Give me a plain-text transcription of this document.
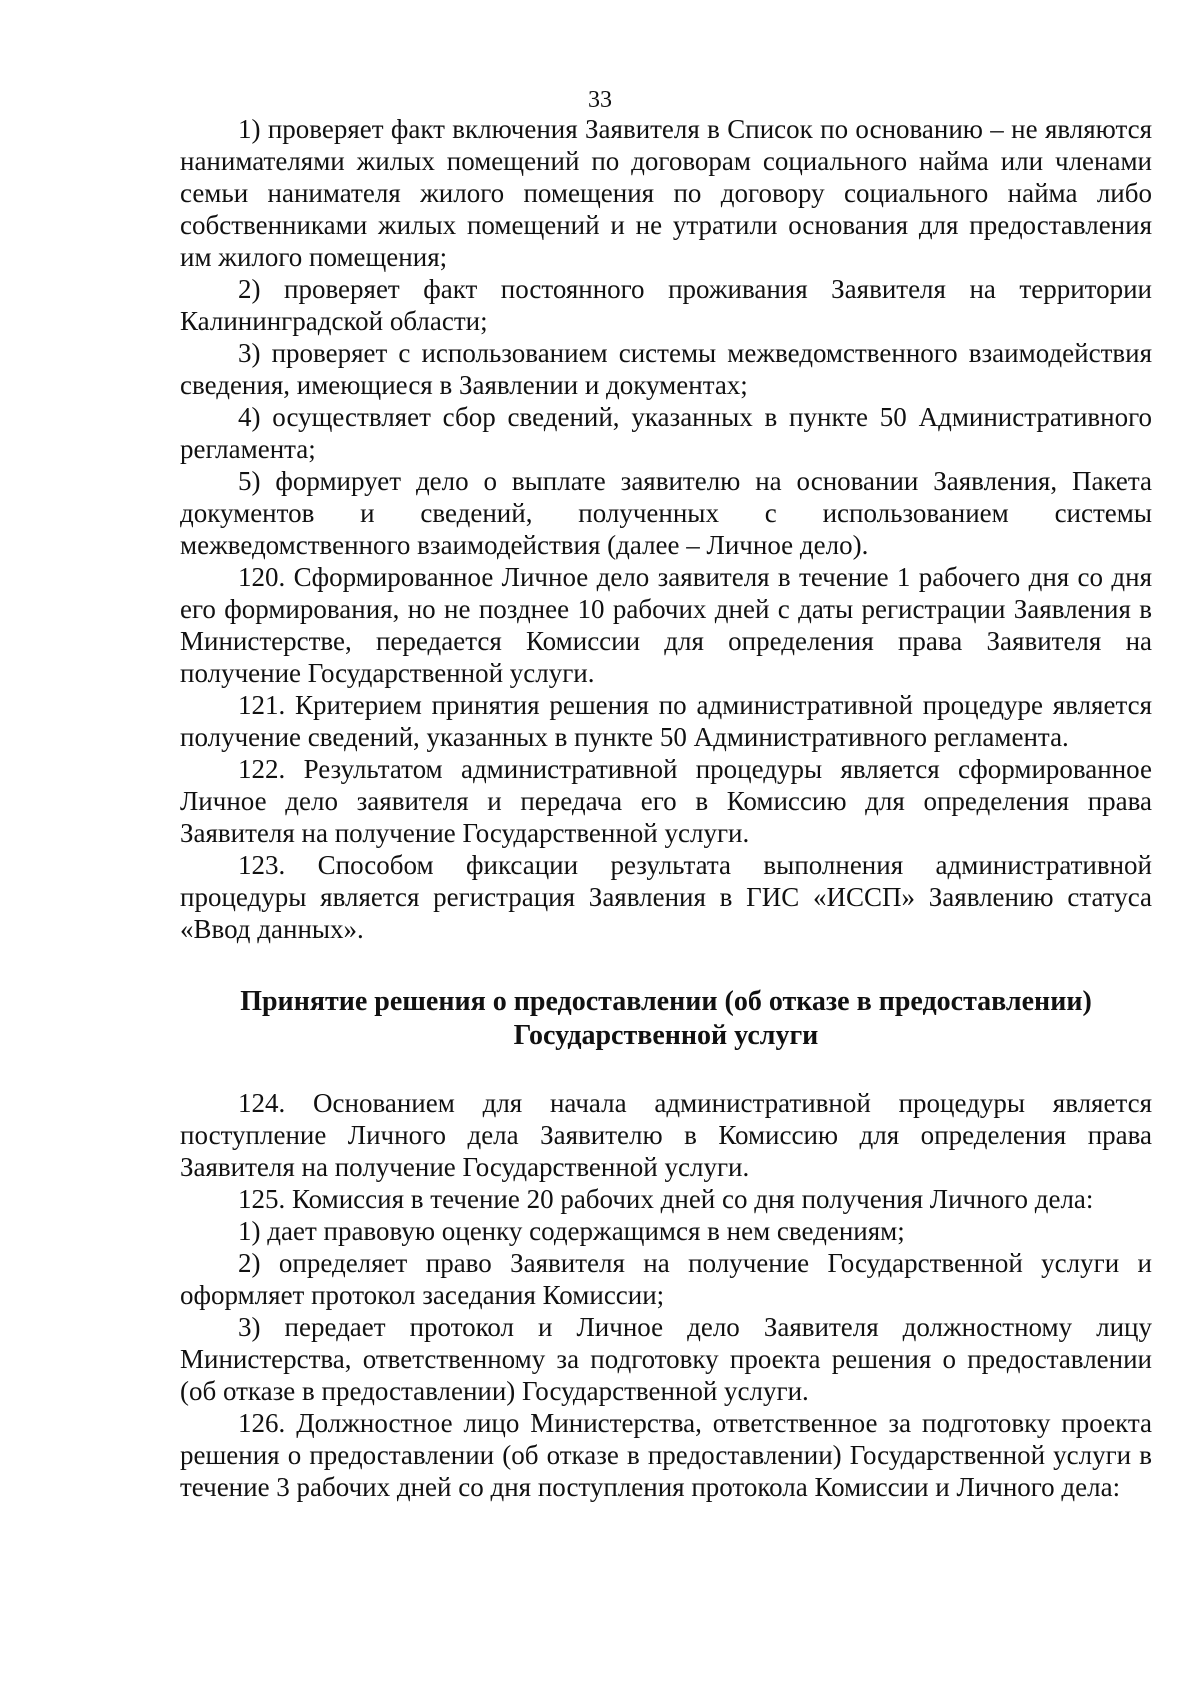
33

1) проверяет факт включения Заявителя в Список по основанию – не являются нанимателями жилых помещений по договорам социального найма или членами семьи нанимателя жилого помещения по договору социального найма либо собственниками жилых помещений и не утратили основания для предоставления им жилого помещения;

2) проверяет факт постоянного проживания Заявителя на территории Калининградской области;

3) проверяет с использованием системы межведомственного взаимодействия сведения, имеющиеся в Заявлении и документах;

4) осуществляет сбор сведений, указанных в пункте 50 Административного регламента;

5) формирует дело о выплате заявителю на основании Заявления, Пакета документов и сведений, полученных с использованием системы межведомственного взаимодействия (далее – Личное дело).

120. Сформированное Личное дело заявителя в течение 1 рабочего дня со дня его формирования, но не позднее 10 рабочих дней с даты регистрации Заявления в Министерстве, передается Комиссии для определения права Заявителя на получение Государственной услуги.

121. Критерием принятия решения по административной процедуре является получение сведений, указанных в пункте 50 Административного регламента.

122. Результатом административной процедуры является сформированное Личное дело заявителя и передача его в Комиссию для определения права Заявителя на получение Государственной услуги.

123. Способом фиксации результата выполнения административной процедуры является регистрация Заявления в ГИС «ИССП» Заявлению статуса «Ввод данных».

Принятие решения о предоставлении (об отказе в предоставлении)
Государственной услуги

124. Основанием для начала административной процедуры является поступление Личного дела Заявителю в Комиссию для определения права Заявителя на получение Государственной услуги.

125. Комиссия в течение 20 рабочих дней со дня получения Личного дела:

1) дает правовую оценку содержащимся в нем сведениям;

2) определяет право Заявителя на получение Государственной услуги и оформляет протокол заседания Комиссии;

3) передает протокол и Личное дело Заявителя должностному лицу Министерства, ответственному за подготовку проекта решения о предоставлении (об отказе в предоставлении) Государственной услуги.

126. Должностное лицо Министерства, ответственное за подготовку проекта решения о предоставлении (об отказе в предоставлении) Государственной услуги в течение 3 рабочих дней со дня поступления протокола Комиссии и Личного дела:
